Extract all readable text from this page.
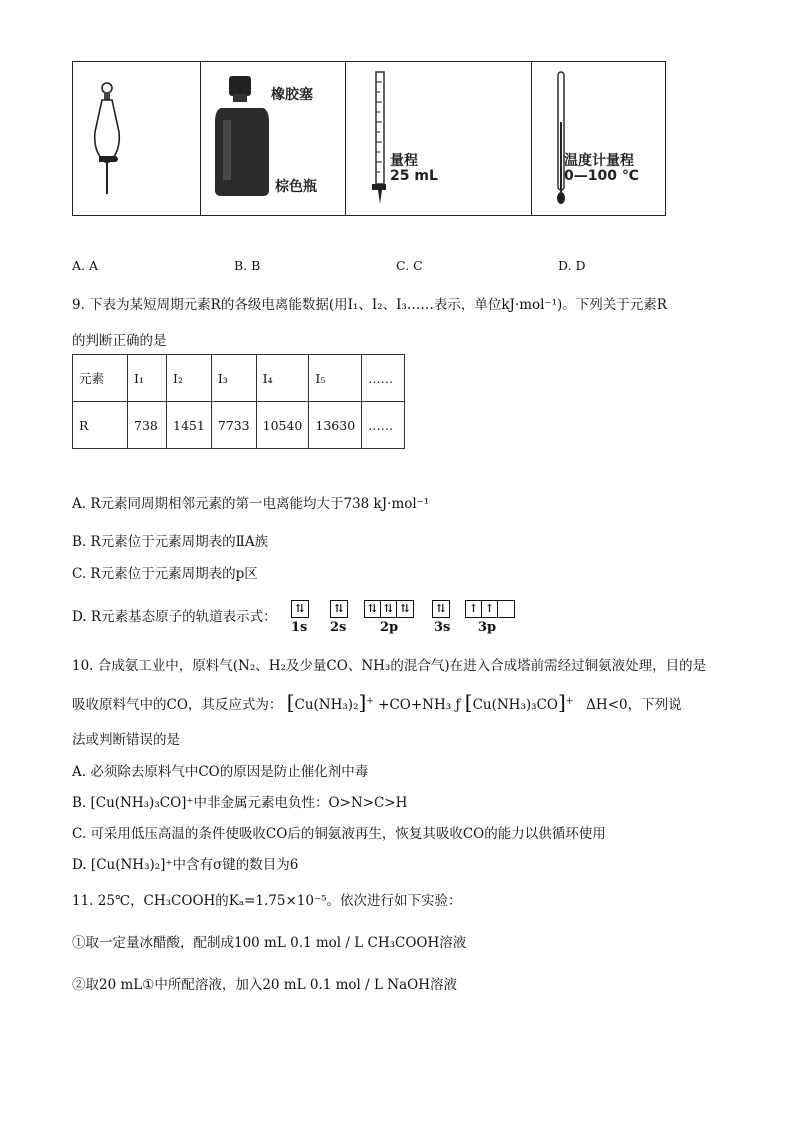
橡胶塞
棕色瓶
量程
25 mL
温度计量程
0—100 ℃
A. A	B. B	C. C	D. D
9. 下表为某短周期元素R的各级电离能数据(用I₁、I₂、I₃……表示，单位kJ·mol⁻¹)。下列关于元素R
的判断正确的是
元素	I₁	I₂	I₃	I₄	I₅	……
R	738	1451	7733	10540	13630	……
A. R元素同周期相邻元素的第一电离能均大于738 kJ·mol⁻¹
B. R元素位于元素周期表的ⅡA族
C. R元素位于元素周期表的p区
D. R元素基态原子的轨道表示式：
⇅	⇅	⇅ ⇅ ⇅	⇅	↑ ↑
1s 2s	2p	3s 3p
10. 合成氨工业中，原料气(N₂、H₂及少量CO、NH₃的混合气)在进入合成塔前需经过铜氨液处理，目的是
吸收原料气中的CO，其反应式为： [Cu(NH₃)₂]+ +CO+NH₃ ƒ [Cu(NH₃)₃CO]+ ΔH<0，下列说
法或判断错误的是
A. 必须除去原料气中CO的原因是防止催化剂中毒
B. [Cu(NH₃)₃CO]⁺中非金属元素电负性：O>N>C>H
C. 可采用低压高温的条件使吸收CO后的铜氨液再生，恢复其吸收CO的能力以供循环使用
D. [Cu(NH₃)₂]⁺中含有σ键的数目为6
11. 25℃，CH₃COOH的Kₐ=1.75×10⁻⁵。依次进行如下实验：
①取一定量冰醋酸，配制成100 mL 0.1 mol / L CH₃COOH溶液
②取20 mL①中所配溶液，加入20 mL 0.1 mol / L NaOH溶液
